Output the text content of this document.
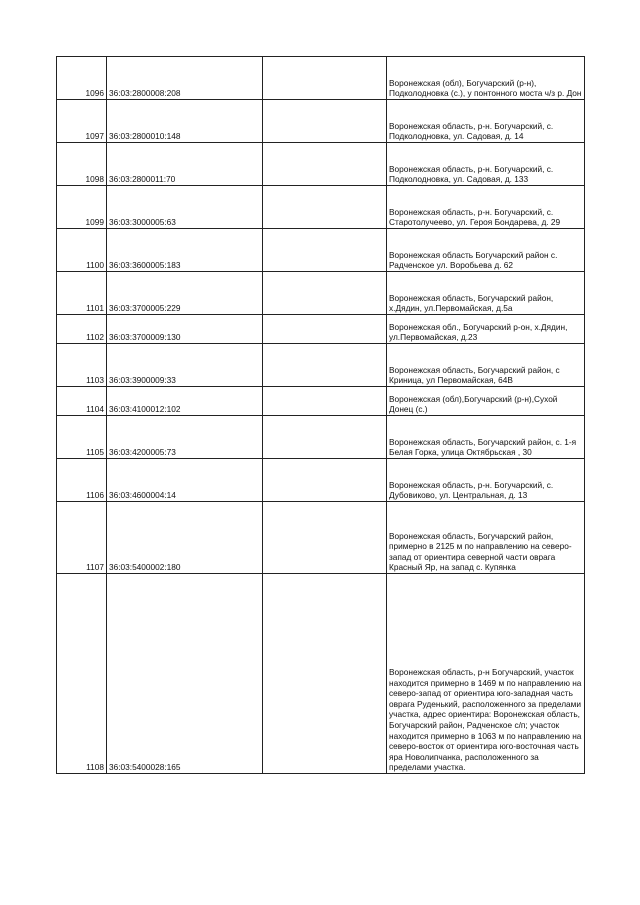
1096	36:03:2800008:208		Воронежская (обл), Богучарский (р-н), Подколодновка (с.), у понтонного моста ч/з р. Дон
1097	36:03:2800010:148		Воронежская область, р-н. Богучарский, с. Подколодновка, ул. Садовая, д. 14
1098	36:03:2800011:70		Воронежская область, р-н. Богучарский, с. Подколодновка, ул. Садовая, д. 133
1099	36:03:3000005:63		Воронежская область, р-н. Богучарский, с. Старотолучеево, ул. Героя Бондарева, д. 29
1100	36:03:3600005:183		Воронежская область Богучарский район с. Радченское ул. Воробьева д. 62
1101	36:03:3700005:229		Воронежская область, Богучарский район, х.Дядин, ул.Первомайская, д.5а
1102	36:03:3700009:130		Воронежская обл., Богучарский р-он, х.Дядин, ул.Первомайская, д.23
1103	36:03:3900009:33		Воронежская область, Богучарский район, с Криница, ул Первомайская, 64В
1104	36:03:4100012:102		Воронежская (обл),Богучарский (р-н),Сухой Донец (с.)
1105	36:03:4200005:73		Воронежская область, Богучарский район, с. 1-я Белая Горка, улица Октябрьская , 30
1106	36:03:4600004:14		Воронежская область, р-н. Богучарский, с. Дубовиково, ул. Центральная, д. 13
1107	36:03:5400002:180		Воронежская область, Богучарский район, примерно в 2125 м по направлению на северо-запад от ориентира северной части оврага Красный Яр, на запад с. Купянка
1108	36:03:5400028:165		Воронежская область, р-н Богучарский, участок находится примерно в 1469 м по направлению на северо-запад от ориентира юго-западная часть оврага Руденький, расположенного за пределами участка, адрес ориентира: Воронежская область, Богучарский район, Радченское с/п; участок находится примерно в 1063 м по направлению на северо-восток от ориентира юго-восточная часть яра Новолипчанка, расположенного за пределами участка.
